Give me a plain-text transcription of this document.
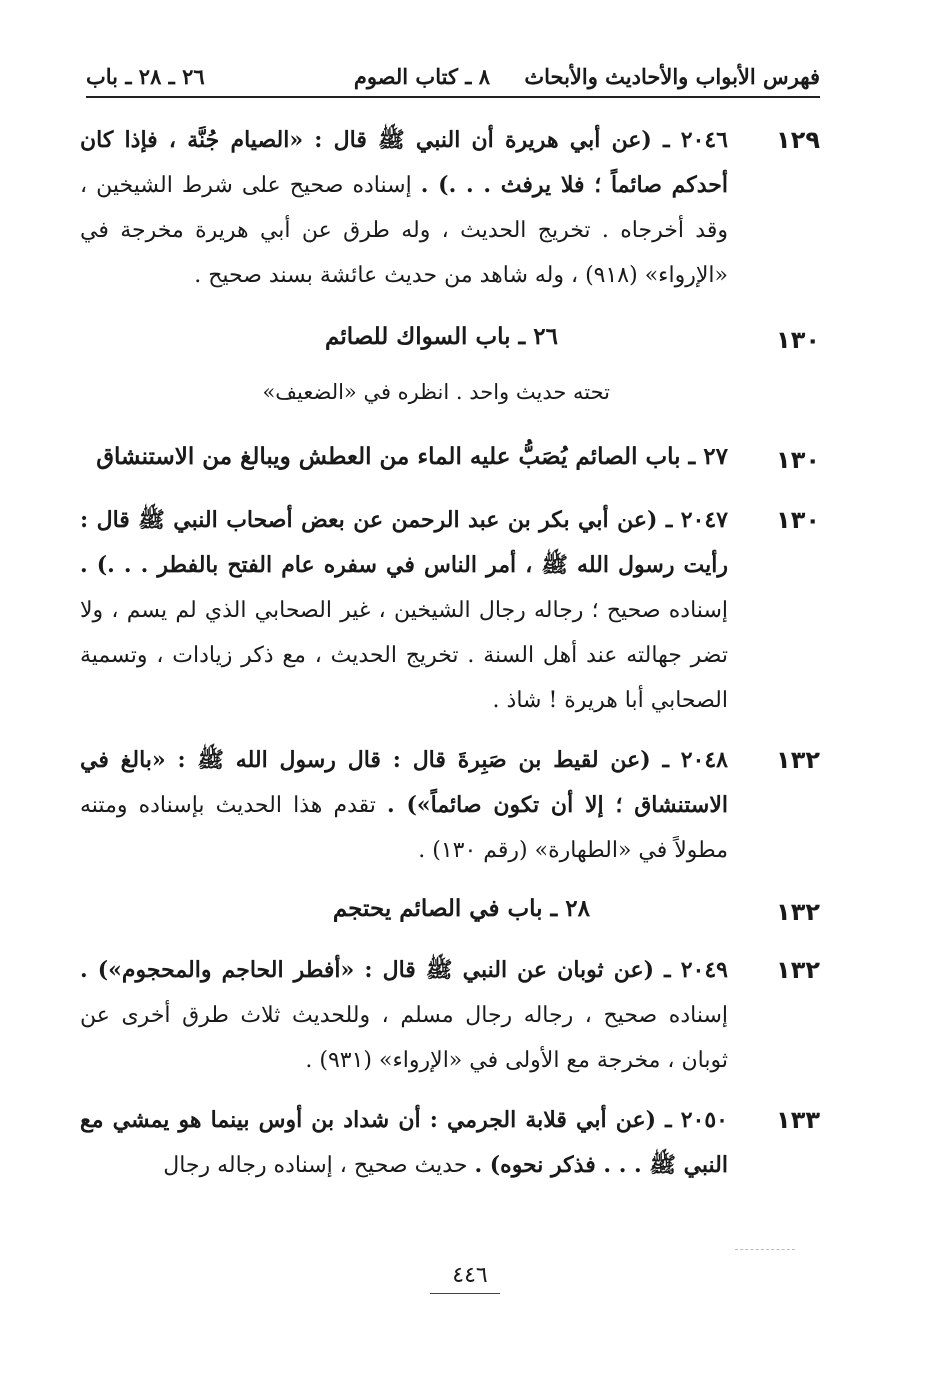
فهرس الأبواب والأحاديث والأبحاث
٨ ـ كتاب الصوم
٢٦ ـ ٢٨ ـ باب
١٢٩
٢٠٤٦ ـ (عن أبي هريرة أن النبي ﷺ قال : «الصيام جُنَّة ، فإذا كان أحدكم صائماً ؛ فلا يرفث . . .) . إسناده صحيح على شرط الشيخين ، وقد أخرجاه . تخريج الحديث ، وله طرق عن أبي هريرة مخرجة في «الإرواء» (٩١٨) ، وله شاهد من حديث عائشة بسند صحيح .
١٣٠
٢٦ ـ باب السواك للصائم
تحته حديث واحد . انظره في «الضعيف»
١٣٠
٢٧ ـ باب الصائم يُصَبُّ عليه الماء من العطش ويبالغ من الاستنشاق
١٣٠
٢٠٤٧ ـ (عن أبي بكر بن عبد الرحمن عن بعض أصحاب النبي ﷺ قال : رأيت رسول الله ﷺ ، أمر الناس في سفره عام الفتح بالفطر . . .) . إسناده صحيح ؛ رجاله رجال الشيخين ، غير الصحابي الذي لم يسم ، ولا تضر جهالته عند أهل السنة . تخريج الحديث ، مع ذكر زيادات ، وتسمية الصحابي أبا هريرة ! شاذ .
١٣٢
٢٠٤٨ ـ (عن لقيط بن صَبِرةَ قال : قال رسول الله ﷺ : «بالغ في الاستنشاق ؛ إلا أن تكون صائماً») . تقدم هذا الحديث بإسناده ومتنه مطولاً في «الطهارة» (رقم ١٣٠) .
١٣٢
٢٨ ـ باب في الصائم يحتجم
١٣٢
٢٠٤٩ ـ (عن ثوبان عن النبي ﷺ قال : «أفطر الحاجم والمحجوم») . إسناده صحيح ، رجاله رجال مسلم ، وللحديث ثلاث طرق أخرى عن ثوبان ، مخرجة مع الأولى في «الإرواء» (٩٣١) .
١٣٣
٢٠٥٠ ـ (عن أبي قلابة الجرمي : أن شداد بن أوس بينما هو يمشي مع النبي ﷺ . . . فذكر نحوه) . حديث صحيح ، إسناده رجاله رجال
٤٤٦
